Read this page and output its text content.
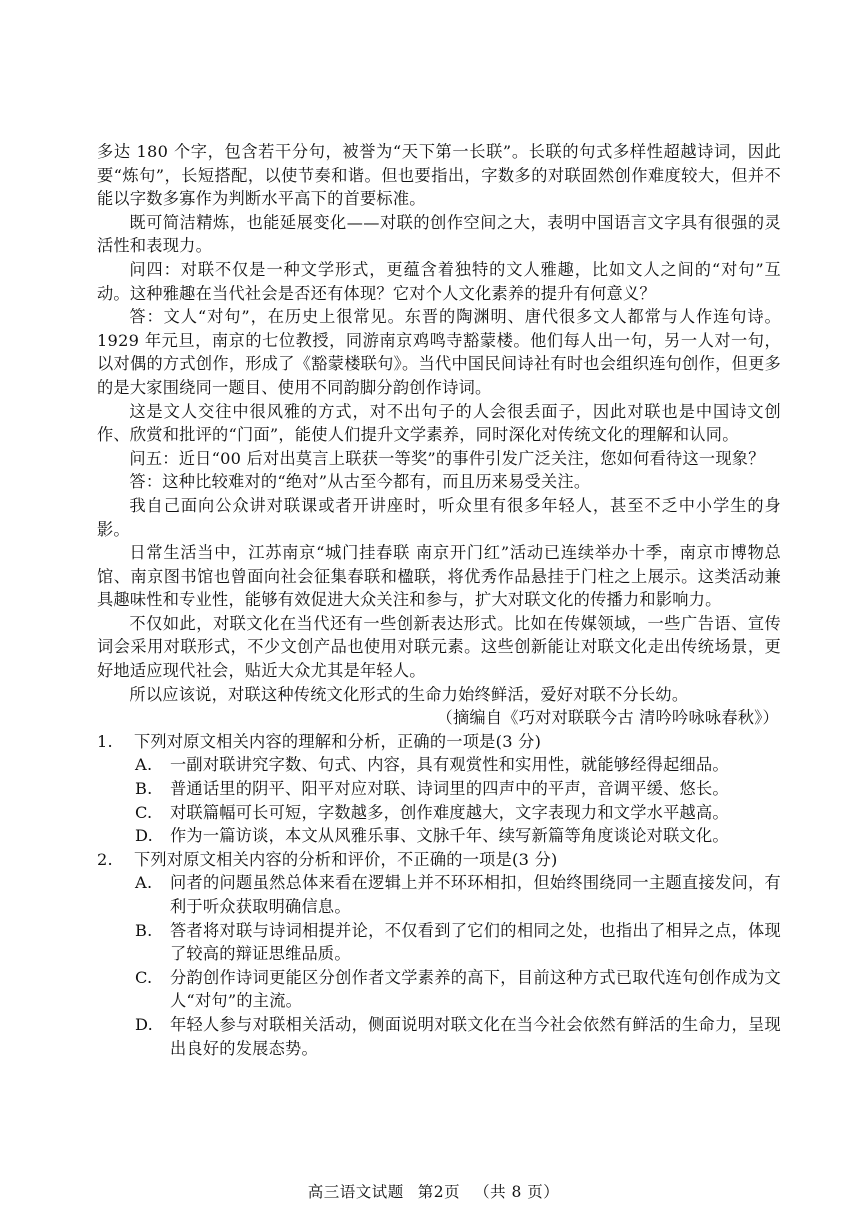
多达 180 个字，包含若干分句，被誉为“天下第一长联”。长联的句式多样性超越诗词，因此要“炼句”，长短搭配，以使节奏和谐。但也要指出，字数多的对联固然创作难度较大，但并不能以字数多寡作为判断水平高下的首要标准。

既可简洁精炼，也能延展变化——对联的创作空间之大，表明中国语言文字具有很强的灵活性和表现力。

问四：对联不仅是一种文学形式，更蕴含着独特的文人雅趣，比如文人之间的“对句”互动。这种雅趣在当代社会是否还有体现？它对个人文化素养的提升有何意义？

答：文人“对句”，在历史上很常见。东晋的陶渊明、唐代很多文人都常与人作连句诗。1929 年元旦，南京的七位教授，同游南京鸡鸣寺豁蒙楼。他们每人出一句，另一人对一句，以对偶的方式创作，形成了《豁蒙楼联句》。当代中国民间诗社有时也会组织连句创作，但更多的是大家围绕同一题目、使用不同韵脚分韵创作诗词。

这是文人交往中很风雅的方式，对不出句子的人会很丢面子，因此对联也是中国诗文创作、欣赏和批评的“门面”，能使人们提升文学素养，同时深化对传统文化的理解和认同。

问五：近日“00 后对出莫言上联获一等奖”的事件引发广泛关注，您如何看待这一现象？

答：这种比较难对的“绝对”从古至今都有，而且历来易受关注。

我自己面向公众讲对联课或者开讲座时，听众里有很多年轻人，甚至不乏中小学生的身影。

日常生活当中，江苏南京“城门挂春联 南京开门红”活动已连续举办十季，南京市博物总馆、南京图书馆也曾面向社会征集春联和楹联，将优秀作品悬挂于门柱之上展示。这类活动兼具趣味性和专业性，能够有效促进大众关注和参与，扩大对联文化的传播力和影响力。

不仅如此，对联文化在当代还有一些创新表达形式。比如在传媒领域，一些广告语、宣传词会采用对联形式，不少文创产品也使用对联元素。这些创新能让对联文化走出传统场景，更好地适应现代社会，贴近大众尤其是年轻人。

所以应该说，对联这种传统文化形式的生命力始终鲜活，爱好对联不分长幼。

（摘编自《巧对对联联今古 清吟吟咏咏春秋》）

1. 下列对原文相关内容的理解和分析，正确的一项是(3 分)

A. 一副对联讲究字数、句式、内容，具有观赏性和实用性，就能够经得起细品。

B. 普通话里的阴平、阳平对应对联、诗词里的四声中的平声，音调平缓、悠长。

C. 对联篇幅可长可短，字数越多，创作难度越大，文字表现力和文学水平越高。

D. 作为一篇访谈，本文从风雅乐事、文脉千年、续写新篇等角度谈论对联文化。

2. 下列对原文相关内容的分析和评价，不正确的一项是(3 分)

A. 问者的问题虽然总体来看在逻辑上并不环环相扣，但始终围绕同一主题直接发问，有利于听众获取明确信息。

B. 答者将对联与诗词相提并论，不仅看到了它们的相同之处，也指出了相异之点，体现了较高的辩证思维品质。

C. 分韵创作诗词更能区分创作者文学素养的高下，目前这种方式已取代连句创作成为文人“对句”的主流。

D. 年轻人参与对联相关活动，侧面说明对联文化在当今社会依然有鲜活的生命力，呈现出良好的发展态势。

高三语文试题 第2页 （共 8 页）
